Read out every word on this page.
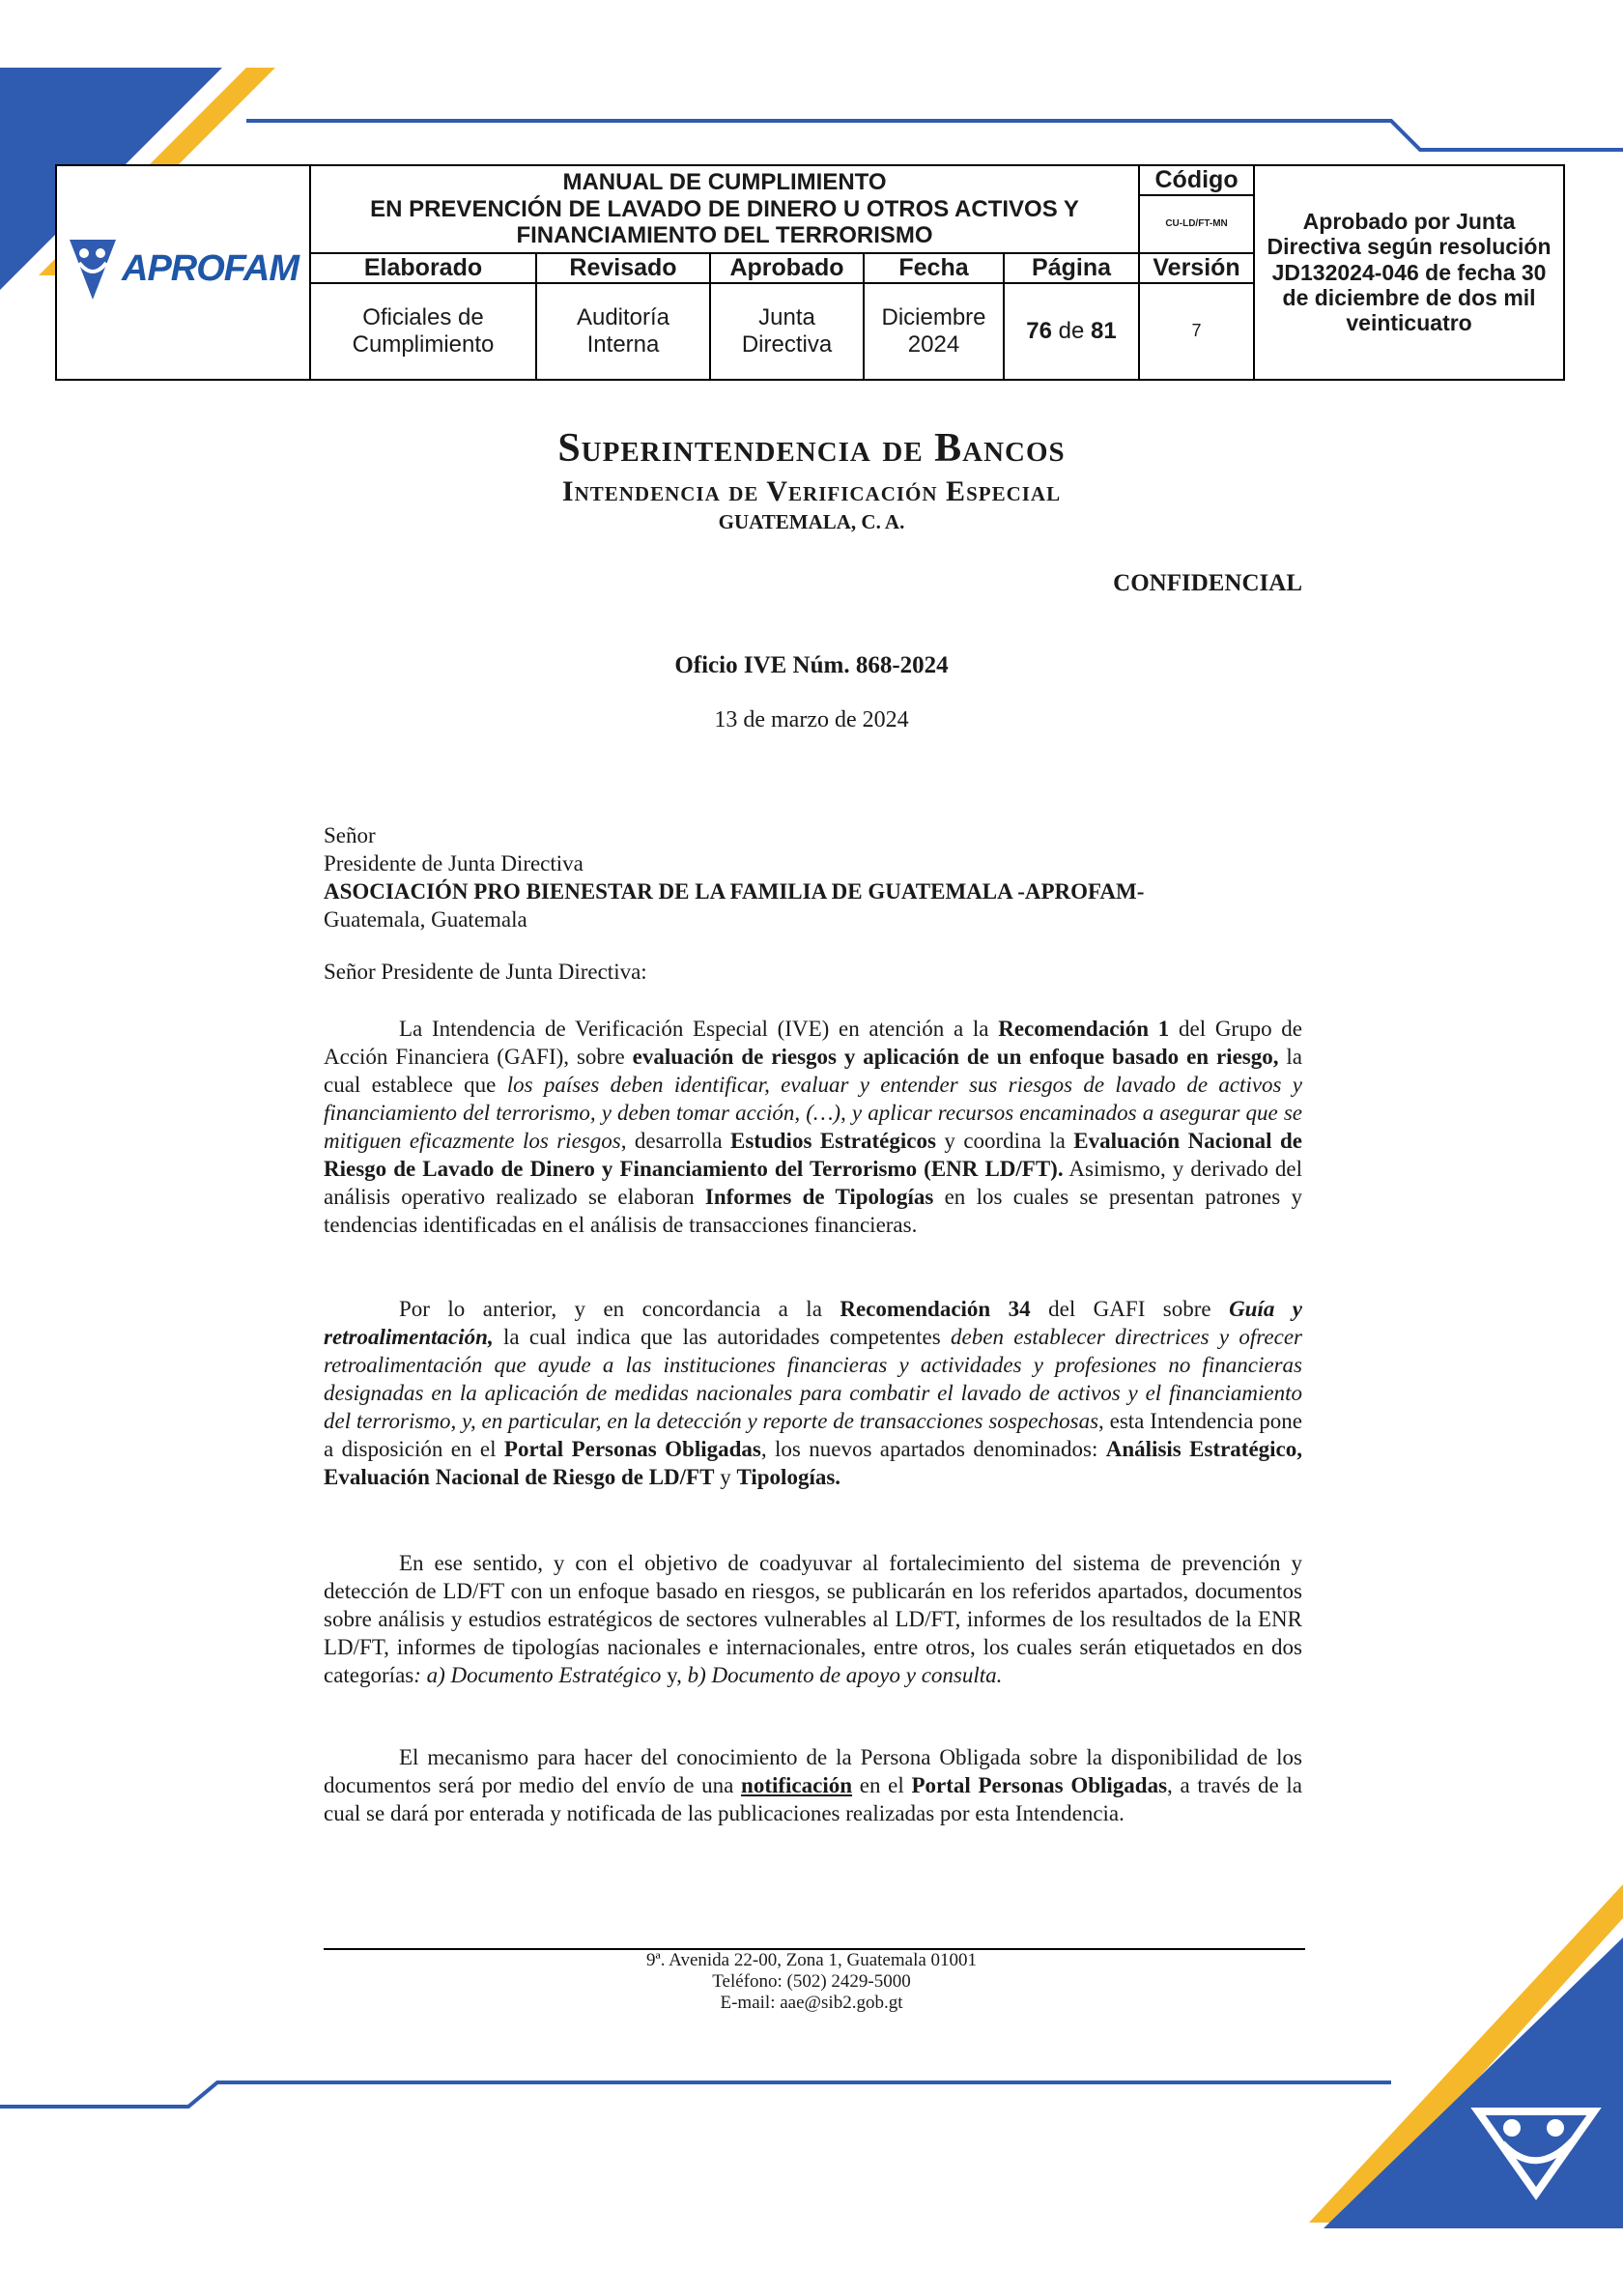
APROFAM	MANUAL DE CUMPLIMIENTO
EN PREVENCIÓN DE LAVADO DE DINERO U OTROS ACTIVOS Y
FINANCIAMIENTO DEL TERRORISMO					Código	Aprobado por Junta Directiva según resolución JD132024-046 de fecha 30 de diciembre de dos mil veinticuatro
						CU-LD/FT-MN	
	Elaborado	Revisado	Aprobado	Fecha	Página	Versión	
	Oficiales de Cumplimiento	Auditoría Interna	Junta Directiva	Diciembre 2024	76 de 81	7	
Superintendencia de Bancos
Intendencia de Verificación Especial
GUATEMALA, C. A.
CONFIDENCIAL
Oficio IVE Núm. 868-2024
13 de marzo de 2024
Señor
Presidente de Junta Directiva
ASOCIACIÓN PRO BIENESTAR DE LA FAMILIA DE GUATEMALA -APROFAM-
Guatemala, Guatemala
Señor Presidente de Junta Directiva:

La Intendencia de Verificación Especial (IVE) en atención a la Recomendación 1 del Grupo de Acción Financiera (GAFI), sobre evaluación de riesgos y aplicación de un enfoque basado en riesgo, la cual establece que los países deben identificar, evaluar y entender sus riesgos de lavado de activos y financiamiento del terrorismo, y deben tomar acción, (…), y aplicar recursos encaminados a asegurar que se mitiguen eficazmente los riesgos, desarrolla Estudios Estratégicos y coordina la Evaluación Nacional de Riesgo de Lavado de Dinero y Financiamiento del Terrorismo (ENR LD/FT). Asimismo, y derivado del análisis operativo realizado se elaboran Informes de Tipologías en los cuales se presentan patrones y tendencias identificadas en el análisis de transacciones financieras.

Por lo anterior, y en concordancia a la Recomendación 34 del GAFI sobre Guía y retroalimentación, la cual indica que las autoridades competentes deben establecer directrices y ofrecer retroalimentación que ayude a las instituciones financieras y actividades y profesiones no financieras designadas en la aplicación de medidas nacionales para combatir el lavado de activos y el financiamiento del terrorismo, y, en particular, en la detección y reporte de transacciones sospechosas, esta Intendencia pone a disposición en el Portal Personas Obligadas, los nuevos apartados denominados: Análisis Estratégico, Evaluación Nacional de Riesgo de LD/FT y Tipologías.

En ese sentido, y con el objetivo de coadyuvar al fortalecimiento del sistema de prevención y detección de LD/FT con un enfoque basado en riesgos, se publicarán en los referidos apartados, documentos sobre análisis y estudios estratégicos de sectores vulnerables al LD/FT, informes de los resultados de la ENR LD/FT, informes de tipologías nacionales e internacionales, entre otros, los cuales serán etiquetados en dos categorías: a) Documento Estratégico y, b) Documento de apoyo y consulta.

El mecanismo para hacer del conocimiento de la Persona Obligada sobre la disponibilidad de los documentos será por medio del envío de una notificación en el Portal Personas Obligadas, a través de la cual se dará por enterada y notificada de las publicaciones realizadas por esta Intendencia.

9ª. Avenida 22-00, Zona 1, Guatemala 01001
Teléfono: (502) 2429-5000
E-mail: aae@sib2.gob.gt
